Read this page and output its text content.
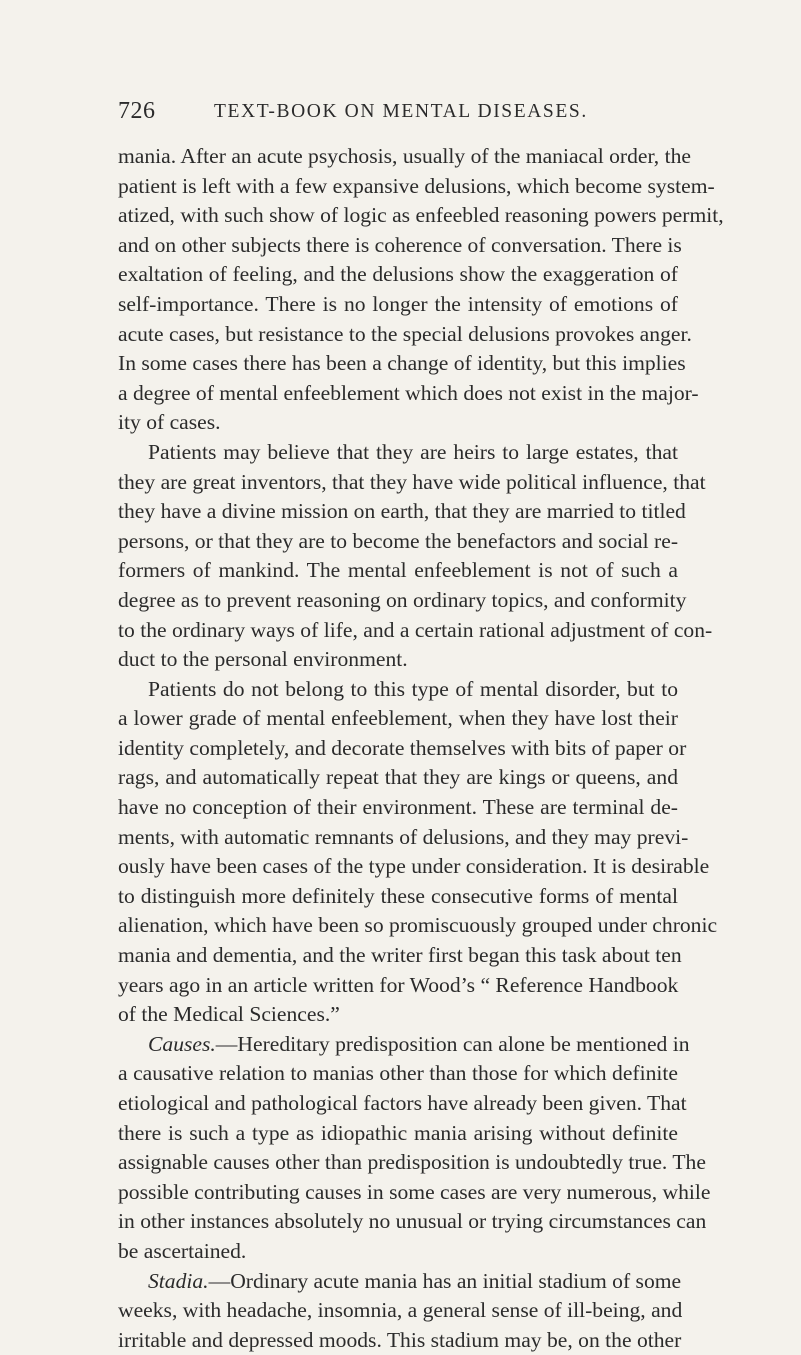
726	TEXT-BOOK ON MENTAL DISEASES.
mania. After an acute psychosis, usually of the maniacal order, the
patient is left with a few expansive delusions, which become system-
atized, with such show of logic as enfeebled reasoning powers permit,
and on other subjects there is coherence of conversation. There is
exaltation of feeling, and the delusions show the exaggeration of
self-importance. There is no longer the intensity of emotions of
acute cases, but resistance to the special delusions provokes anger.
In some cases there has been a change of identity, but this implies
a degree of mental enfeeblement which does not exist in the major-
ity of cases.
Patients may believe that they are heirs to large estates, that
they are great inventors, that they have wide political influence, that
they have a divine mission on earth, that they are married to titled
persons, or that they are to become the benefactors and social re-
formers of mankind. The mental enfeeblement is not of such a
degree as to prevent reasoning on ordinary topics, and conformity
to the ordinary ways of life, and a certain rational adjustment of con-
duct to the personal environment.
Patients do not belong to this type of mental disorder, but to
a lower grade of mental enfeeblement, when they have lost their
identity completely, and decorate themselves with bits of paper or
rags, and automatically repeat that they are kings or queens, and
have no conception of their environment. These are terminal de-
ments, with automatic remnants of delusions, and they may previ-
ously have been cases of the type under consideration. It is desirable
to distinguish more definitely these consecutive forms of mental
alienation, which have been so promiscuously grouped under chronic
mania and dementia, and the writer first began this task about ten
years ago in an article written for Wood’s “ Reference Handbook
of the Medical Sciences.”
Causes.—Hereditary predisposition can alone be mentioned in
a causative relation to manias other than those for which definite
etiological and pathological factors have already been given. That
there is such a type as idiopathic mania arising without definite
assignable causes other than predisposition is undoubtedly true. The
possible contributing causes in some cases are very numerous, while
in other instances absolutely no unusual or trying circumstances can
be ascertained.
Stadia.—Ordinary acute mania has an initial stadium of some
weeks, with headache, insomnia, a general sense of ill-being, and
irritable and depressed moods. This stadium may be, on the other
